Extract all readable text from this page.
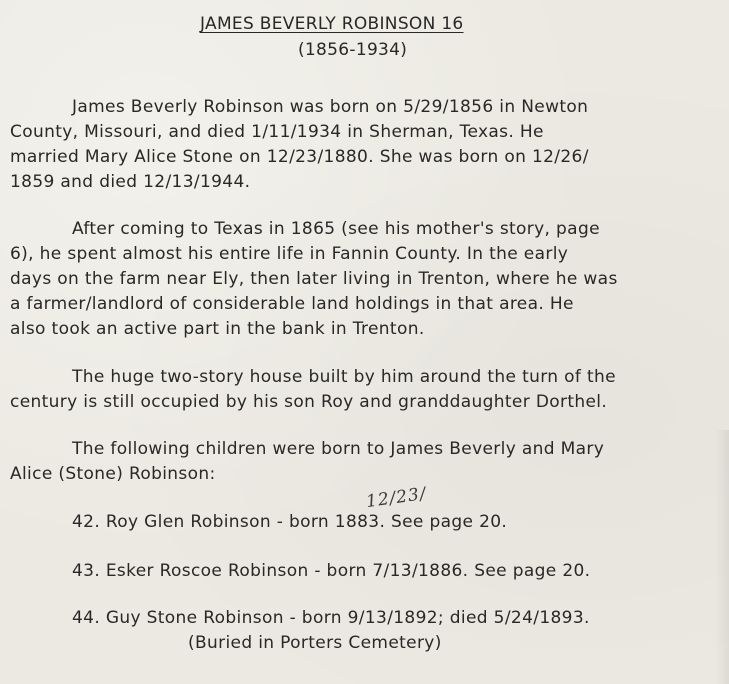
JAMES BEVERLY ROBINSON 16
(1856-1934)
James Beverly Robinson was born on 5/29/1856 in Newton
County, Missouri, and died 1/11/1934 in Sherman, Texas. He
married Mary Alice Stone on 12/23/1880. She was born on 12/26/
1859 and died 12/13/1944.
After coming to Texas in 1865 (see his mother's story, page
6), he spent almost his entire life in Fannin County. In the early
days on the farm near Ely, then later living in Trenton, where he was
a farmer/landlord of considerable land holdings in that area. He
also took an active part in the bank in Trenton.
The huge two-story house built by him around the turn of the
century is still occupied by his son Roy and granddaughter Dorthel.
The following children were born to James Beverly and Mary
Alice (Stone) Robinson:
12/23/
42. Roy Glen Robinson - born 1883. See page 20.
43. Esker Roscoe Robinson - born 7/13/1886. See page 20.
44. Guy Stone Robinson - born 9/13/1892; died 5/24/1893.
(Buried in Porters Cemetery)
